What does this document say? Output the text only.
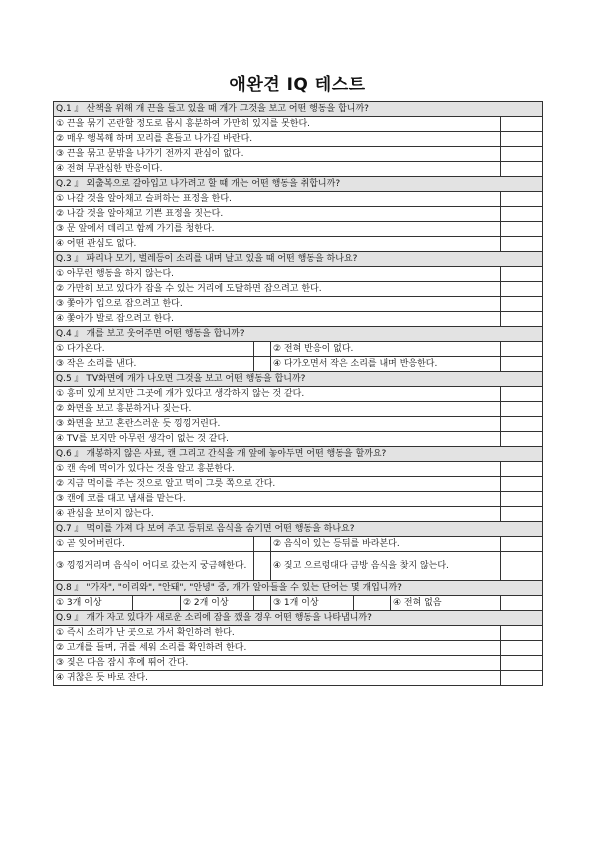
애완견 IQ 테스트
Q.1 』 산책을 위해 개 끈을 들고 있을 때 개가 그것을 보고 어떤 행동을 합니까?							
① 끈을 묶기 곤란할 정도로 몹시 흥분하여 가만히 있지를 못한다.							
② 매우 행복해 하며 꼬리를 흔들고 나가길 바란다.							
③ 끈을 묶고 문밖을 나가기 전까지 관심이 없다.							
④ 전혀 무관심한 반응이다.							
Q.2 』 외출복으로 갈아입고 나가려고 할 때 개는 어떤 행동을 취합니까?							
① 나갈 것을 알아채고 슬퍼하는 표정을 한다.							
② 나갈 것을 알아채고 기쁜 표정을 짓는다.							
③ 문 앞에서 데리고 함께 가기를 청한다.							
④ 어떤 관심도 없다.							
Q.3 』 파리나 모기, 벌레등이 소리를 내며 날고 있을 때 어떤 행동을 하나요?							
① 아무런 행동을 하지 않는다.							
② 가만히 보고 있다가 잡을 수 있는 거리에 도달하면 잡으려고 한다.							
③ 쫓아가 입으로 잡으려고 한다.							
④ 쫓아가 발로 잡으려고 한다.							
Q.4 』 개를 보고 웃어주면 어떤 행동을 합니까?							
① 다가온다.				② 전혀 반응이 없다.			
③ 작은 소리를 낸다.				④ 다가오면서 작은 소리를 내며 반응한다.			
Q.5 』 TV화면에 개가 나오면 그것을 보고 어떤 행동을 합니까?							
① 흥미 있게 보지만 그곳에 개가 있다고 생각하지 않는 것 같다.							
② 화면을 보고 흥분하거나 짖는다.							
③ 화면을 보고 혼란스러운 듯 낑낑거린다.							
④ TV를 보지만 아무런 생각이 없는 것 같다.							
Q.6 』 개봉하지 않은 사료, 캔 그리고 간식을 개 앞에 놓아두면 어떤 행동을 할까요?							
① 캔 속에 먹이가 있다는 것을 알고 흥분한다.							
② 지금 먹이를 주는 것으로 알고 먹이 그릇 쪽으로 간다.							
③ 캔에 코를 대고 냄새를 맡는다.							
④ 관심을 보이지 않는다.							
Q.7 』 먹이를 가져 다 보여 주고 등뒤로 음식을 숨기면 어떤 행동을 하나요?							
① 곧 잊어버린다.				② 음식이 있는 등뒤를 바라본다.			
③ 낑낑거리며 음식이 어디로 갔는지 궁금해한다.				④ 짖고 으르렁대다 금방 음식을 찾지 않는다.			
Q.8 』 "가자", "이리와", "안돼", "안녕" 중, 개가 알아들을 수 있는 단어는 몇 개입니까?							
① 3개 이상		② 2개 이상		③ 1개 이상		④ 전혀 없음	
Q.9 』 개가 자고 있다가 새로운 소리에 잠을 깼을 경우 어떤 행동을 나타냅니까?							
① 즉시 소리가 난 곳으로 가서 확인하려 한다.							
② 고개를 들며, 귀를 세워 소리를 확인하려 한다.							
③ 짖은 다음 잠시 후에 뛰어 간다.							
④ 귀찮은 듯 바로 잔다.							
